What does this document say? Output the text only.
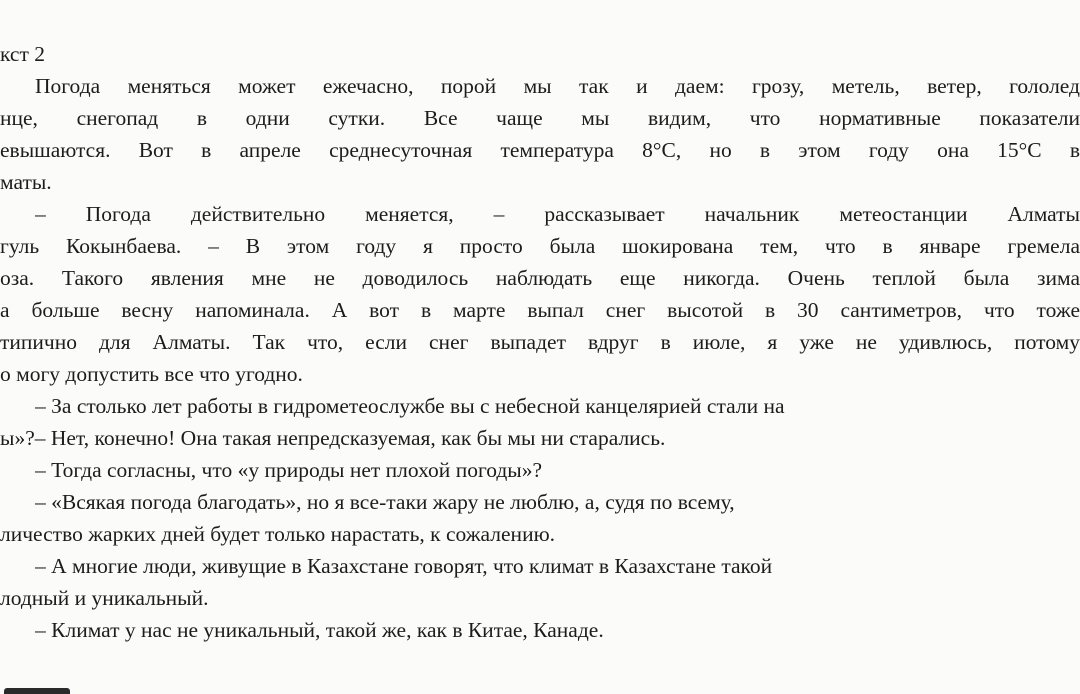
кст 2
Погода меняться может ежечасно, порой мы так и даем: грозу, метель, ветер, гололед
нце, снегопад в одни сутки. Все чаще мы видим, что нормативные показатели
евышаются. Вот в апреле среднесуточная температура 8°С, но в этом году она 15°С в
маты.
– Погода действительно меняется, – рассказывает начальник метеостанции Алматы
гуль Кокынбаева. – В этом году я просто была шокирована тем, что в январе гремела
оза. Такого явления мне не доводилось наблюдать еще никогда. Очень теплой была зима
а больше весну напоминала. А вот в марте выпал снег высотой в 30 сантиметров, что тоже
типично для Алматы. Так что, если снег выпадет вдруг в июле, я уже не удивлюсь, потому
о могу допустить все что угодно.
– За столько лет работы в гидрометеослужбе вы с небесной канцелярией стали на
ы»?– Нет, конечно! Она такая непредсказуемая, как бы мы ни старались.
– Тогда согласны, что «у природы нет плохой погоды»?
– «Всякая погода благодать», но я все-таки жару не люблю, а, судя по всему,
личество жарких дней будет только нарастать, к сожалению.
– А многие люди, живущие в Казахстане говорят, что климат в Казахстане такой
лодный и уникальный.
– Климат у нас не уникальный, такой же, как в Китае, Канаде.
